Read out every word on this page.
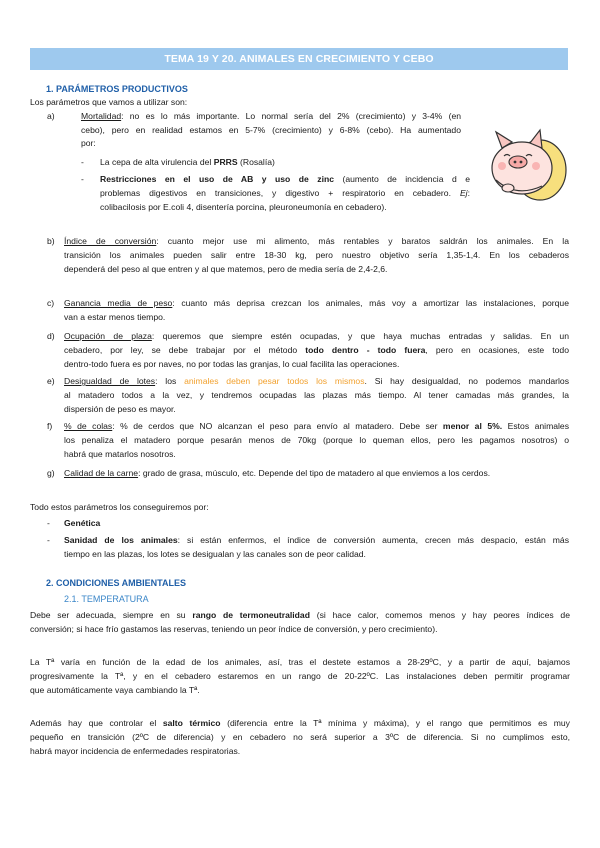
TEMA 19 Y 20. ANIMALES EN CRECIMIENTO Y CEBO
1. PARÁMETROS PRODUCTIVOS
Los parámetros que vamos a utilizar son:
a)	Mortalidad: no es lo más importante. Lo normal sería del 2% (crecimiento) y 3-4% (en
cebo), pero en realidad estamos en 5-7% (crecimiento) y 6-8% (cebo). Ha aumentado
por:
- La cepa de alta virulencia del PRRS (Rosalía)
- Restricciones en el uso de AB y uso de zinc (aumento de incidencia d e
problemas digestivos en transiciones, y digestivo + respiratorio en cebadero. Ej:
colibacilosis por E.coli 4, disentería porcina, pleuroneumonía en cebadero).
b) Índice de conversión: cuanto mejor use mi alimento, más rentables y baratos saldrán los animales. En la
transición los animales pueden salir entre 18-30 kg, pero nuestro objetivo sería 1,35-1,4. En los cebaderos
dependerá del peso al que entren y al que matemos, pero de media sería de 2,4-2,6.
c) Ganancia media de peso: cuanto más deprisa crezcan los animales, más voy a amortizar las instalaciones, porque
van a estar menos tiempo.
d) Ocupación de plaza: queremos que siempre estén ocupadas, y que haya muchas entradas y salidas. En un
cebadero, por ley, se debe trabajar por el método todo dentro - todo fuera, pero en ocasiones, este todo
dentro-todo fuera es por naves, no por todas las granjas, lo cual facilita las operaciones.
e) Desigualdad de lotes: los animales deben pesar todos los mismos. Si hay desigualdad, no podemos mandarlos
al matadero todos a la vez, y tendremos ocupadas las plazas más tiempo. Al tener camadas más grandes, la
dispersión de peso es mayor.
f) % de colas: % de cerdos que NO alcanzan el peso para envío al matadero. Debe ser menor al 5%. Estos animales
los penaliza el matadero porque pesarán menos de 70kg (porque lo queman ellos, pero les pagamos nosotros) o
habrá que matarlos nosotros.
g) Calidad de la carne: grado de grasa, músculo, etc. Depende del tipo de matadero al que enviemos a los cerdos.
Todo estos parámetros los conseguiremos por:
- Genética
- Sanidad de los animales: si están enfermos, el índice de conversión aumenta, crecen más despacio, están más
tiempo en las plazas, los lotes se desigualan y las canales son de peor calidad.
2. CONDICIONES AMBIENTALES
2.1. TEMPERATURA
Debe ser adecuada, siempre en su rango de termoneutralidad (si hace calor, comemos menos y hay peores índices de
conversión; si hace frío gastamos las reservas, teniendo un peor índice de conversión, y pero crecimiento).
La Tª varía en función de la edad de los animales, así, tras el destete estamos a 28-29ºC, y a partir de aquí, bajamos
progresivamente la Tª, y en el cebadero estaremos en un rango de 20-22ºC. Las instalaciones deben permitir programar
que automáticamente vaya cambiando la Tª.
Además hay que controlar el salto térmico (diferencia entre la Tª mínima y máxima), y el rango que permitimos es muy
pequeño en transición (2ºC de diferencia) y en cebadero no será superior a 3ºC de diferencia. Si no cumplimos esto,
habrá mayor incidencia de enfermedades respiratorias.
